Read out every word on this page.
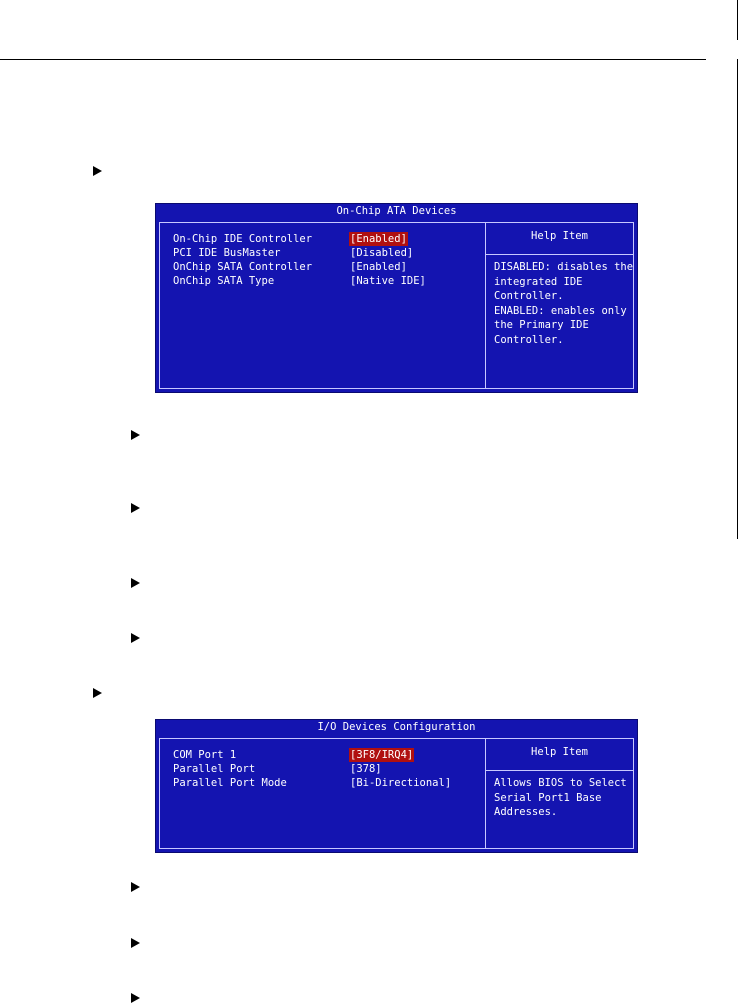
On-Chip ATA Devices
Help Item
DISABLED: disables the
integrated IDE
Controller.
ENABLED: enables only
the Primary IDE
Controller.
On-Chip IDE Controller	[Enabled]
PCI IDE BusMaster	[Disabled]
OnChip SATA Controller	[Enabled]
OnChip SATA Type	[Native IDE]
I/O Devices Configuration
Help Item
Allows BIOS to Select
Serial Port1 Base
Addresses.
COM Port 1	[3F8/IRQ4]
Parallel Port	[378]
Parallel Port Mode	[Bi-Directional]
